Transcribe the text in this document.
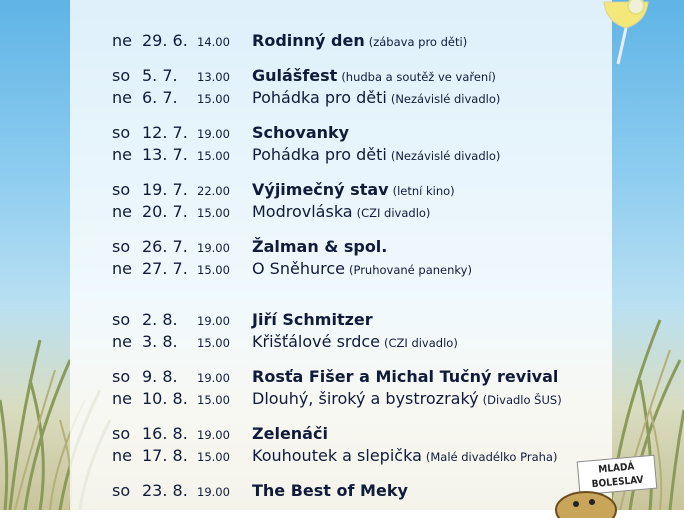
ne 29. 6. 14.00	Rodinný den (zábava pro děti)
so 5. 7.	13.00	Gulášfest (hudba a soutěž ve vaření)
ne 6. 7.	15.00	Pohádka pro děti (Nezávislé divadlo)
so 12. 7. 19.00	Schovanky
ne 13. 7. 15.00	Pohádka pro děti (Nezávislé divadlo)
so 19. 7. 22.00	Výjimečný stav (letní kino)
ne 20. 7. 15.00	Modrovláska (CZI divadlo)
so 26. 7. 19.00	Žalman & spol.
ne 27. 7. 15.00	O Sněhurce (Pruhované panenky)
so 2. 8.	19.00	Jiří Schmitzer
ne 3. 8.	15.00	Křišťálové srdce (CZI divadlo)
so 9. 8.	19.00	Rosťa Fišer a Michal Tučný revival
ne 10. 8. 15.00	Dlouhý, široký a bystrozraký (Divadlo ŠUS)
so 16. 8. 19.00	Zelenáči
ne 17. 8. 15.00	Kouhoutek a slepička (Malé divadélko Praha)
so 23. 8. 19.00	The Best of Meky
MLADÁ
BOLESLAV
